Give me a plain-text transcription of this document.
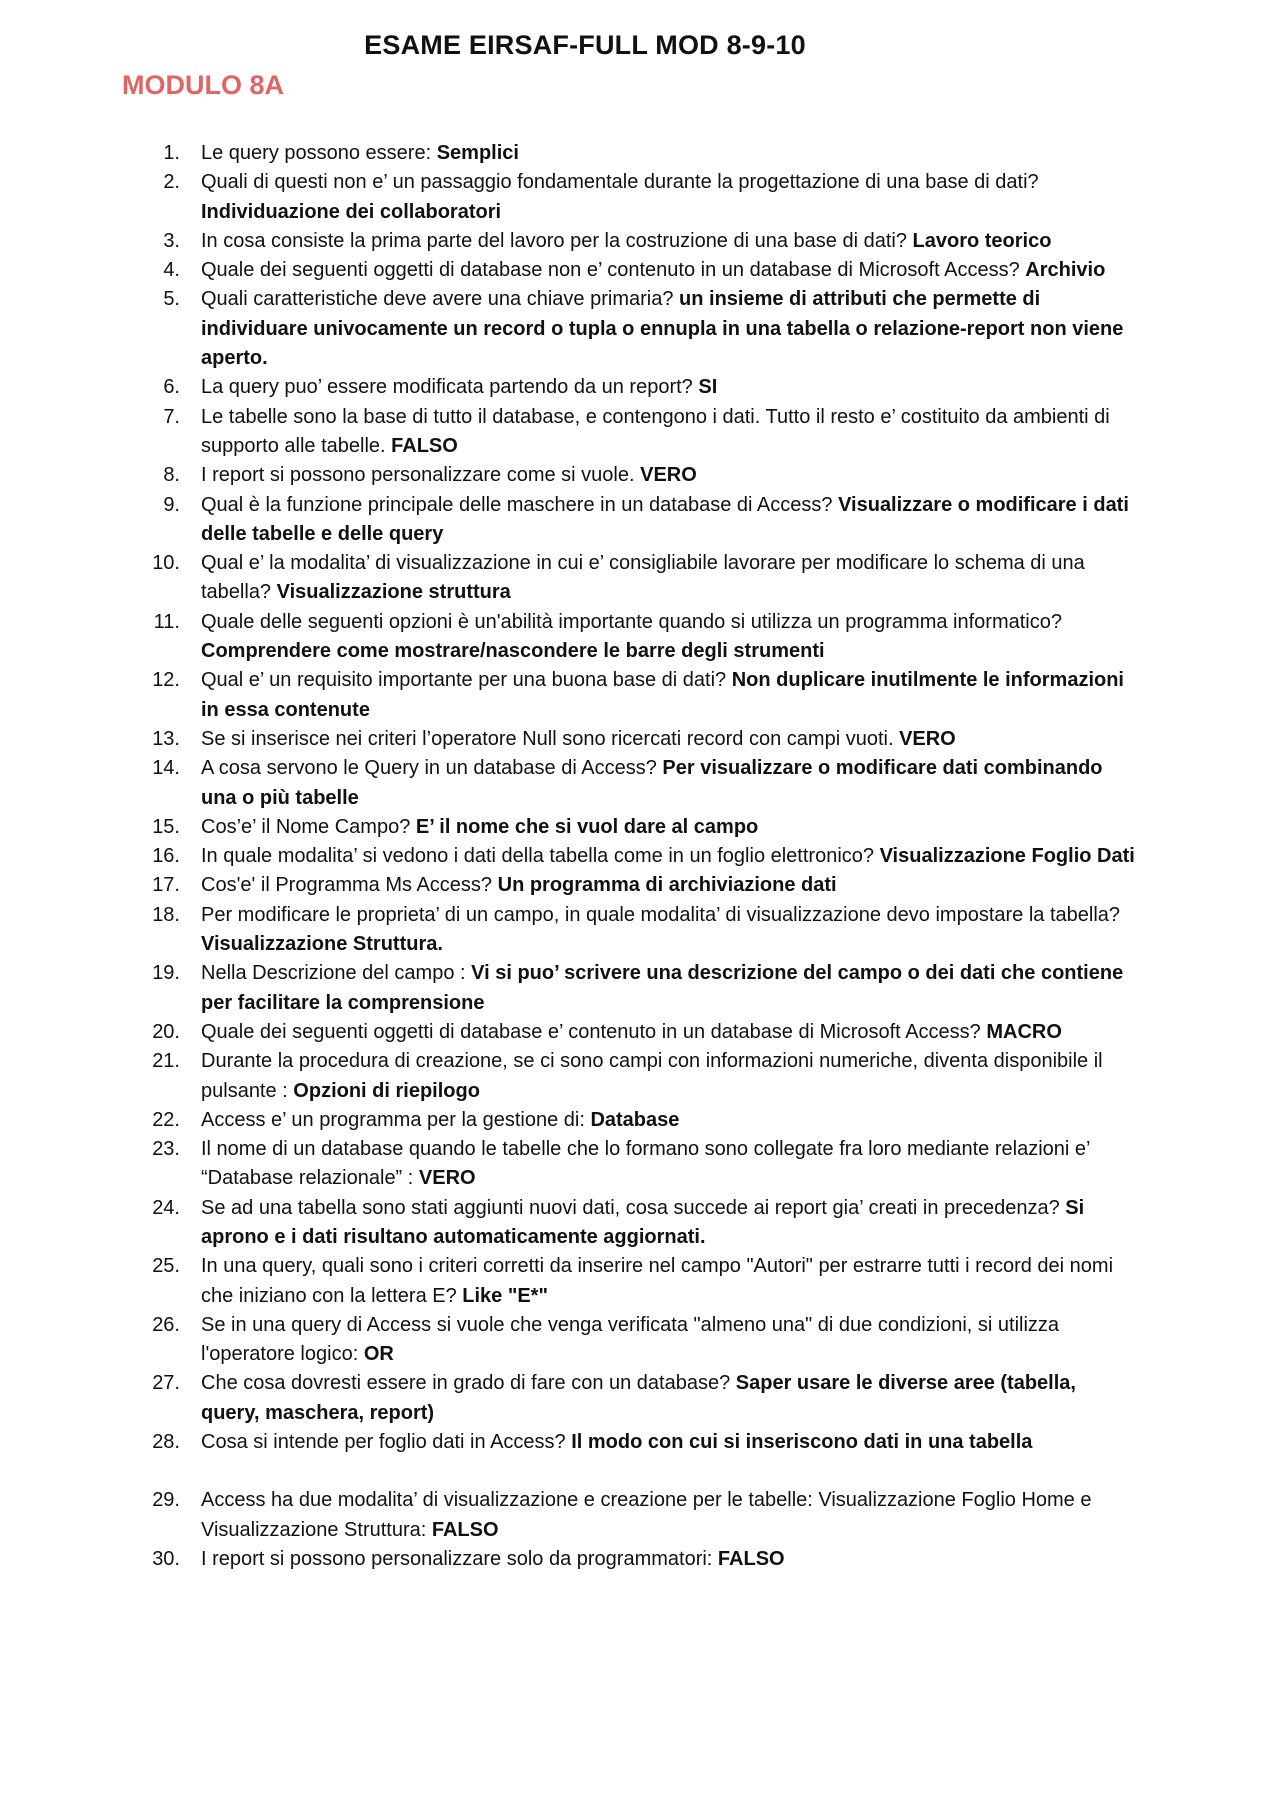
ESAME EIRSAF-FULL MOD 8-9-10
MODULO 8A
1. Le query possono essere: Semplici
2. Quali di questi non e’ un passaggio fondamentale durante la progettazione di una base di dati? Individuazione dei collaboratori
3. In cosa consiste la prima parte del lavoro per la costruzione di una base di dati? Lavoro teorico
4. Quale dei seguenti oggetti di database non e’ contenuto in un database di Microsoft Access? Archivio
5. Quali caratteristiche deve avere una chiave primaria? un insieme di attributi che permette di individuare univocamente un record o tupla o ennupla in una tabella o relazione-report non viene aperto.
6. La query puo’ essere modificata partendo da un report? SI
7. Le tabelle sono la base di tutto il database, e contengono i dati. Tutto il resto e’ costituito da ambienti di supporto alle tabelle. FALSO
8. I report si possono personalizzare come si vuole. VERO
9. Qual è la funzione principale delle maschere in un database di Access? Visualizzare o modificare i dati delle tabelle e delle query
10. Qual e’ la modalita’ di visualizzazione in cui e’ consigliabile lavorare per modificare lo schema di una tabella? Visualizzazione struttura
11. Quale delle seguenti opzioni è un'abilità importante quando si utilizza un programma informatico? Comprendere come mostrare/nascondere le barre degli strumenti
12. Qual e’ un requisito importante per una buona base di dati? Non duplicare inutilmente le informazioni in essa contenute
13. Se si inserisce nei criteri l’operatore Null sono ricercati record con campi vuoti. VERO
14. A cosa servono le Query in un database di Access? Per visualizzare o modificare dati combinando una o più tabelle
15. Cos’e’ il Nome Campo? E’ il nome che si vuol dare al campo
16. In quale modalita’ si vedono i dati della tabella come in un foglio elettronico? Visualizzazione Foglio Dati
17. Cos'e' il Programma Ms Access? Un programma di archiviazione dati
18. Per modificare le proprieta’ di un campo, in quale modalita’ di visualizzazione devo impostare la tabella? Visualizzazione Struttura.
19. Nella Descrizione del campo : Vi si puo’ scrivere una descrizione del campo o dei dati che contiene per facilitare la comprensione
20. Quale dei seguenti oggetti di database e’ contenuto in un database di Microsoft Access? MACRO
21. Durante la procedura di creazione, se ci sono campi con informazioni numeriche, diventa disponibile il pulsante : Opzioni di riepilogo
22. Access e’ un programma per la gestione di: Database
23. Il nome di un database quando le tabelle che lo formano sono collegate fra loro mediante relazioni e’ “Database relazionale” : VERO
24. Se ad una tabella sono stati aggiunti nuovi dati, cosa succede ai report gia’ creati in precedenza? Si aprono e i dati risultano automaticamente aggiornati.
25. In una query, quali sono i criteri corretti da inserire nel campo "Autori" per estrarre tutti i record dei nomi che iniziano con la lettera E? Like "E*"
26. Se in una query di Access si vuole che venga verificata "almeno una" di due condizioni, si utilizza l'operatore logico: OR
27. Che cosa dovresti essere in grado di fare con un database? Saper usare le diverse aree (tabella, query, maschera, report)
28. Cosa si intende per foglio dati in Access? Il modo con cui si inseriscono dati in una tabella
29. Access ha due modalita’ di visualizzazione e creazione per le tabelle: Visualizzazione Foglio Home e Visualizzazione Struttura: FALSO
30. I report si possono personalizzare solo da programmatori: FALSO
